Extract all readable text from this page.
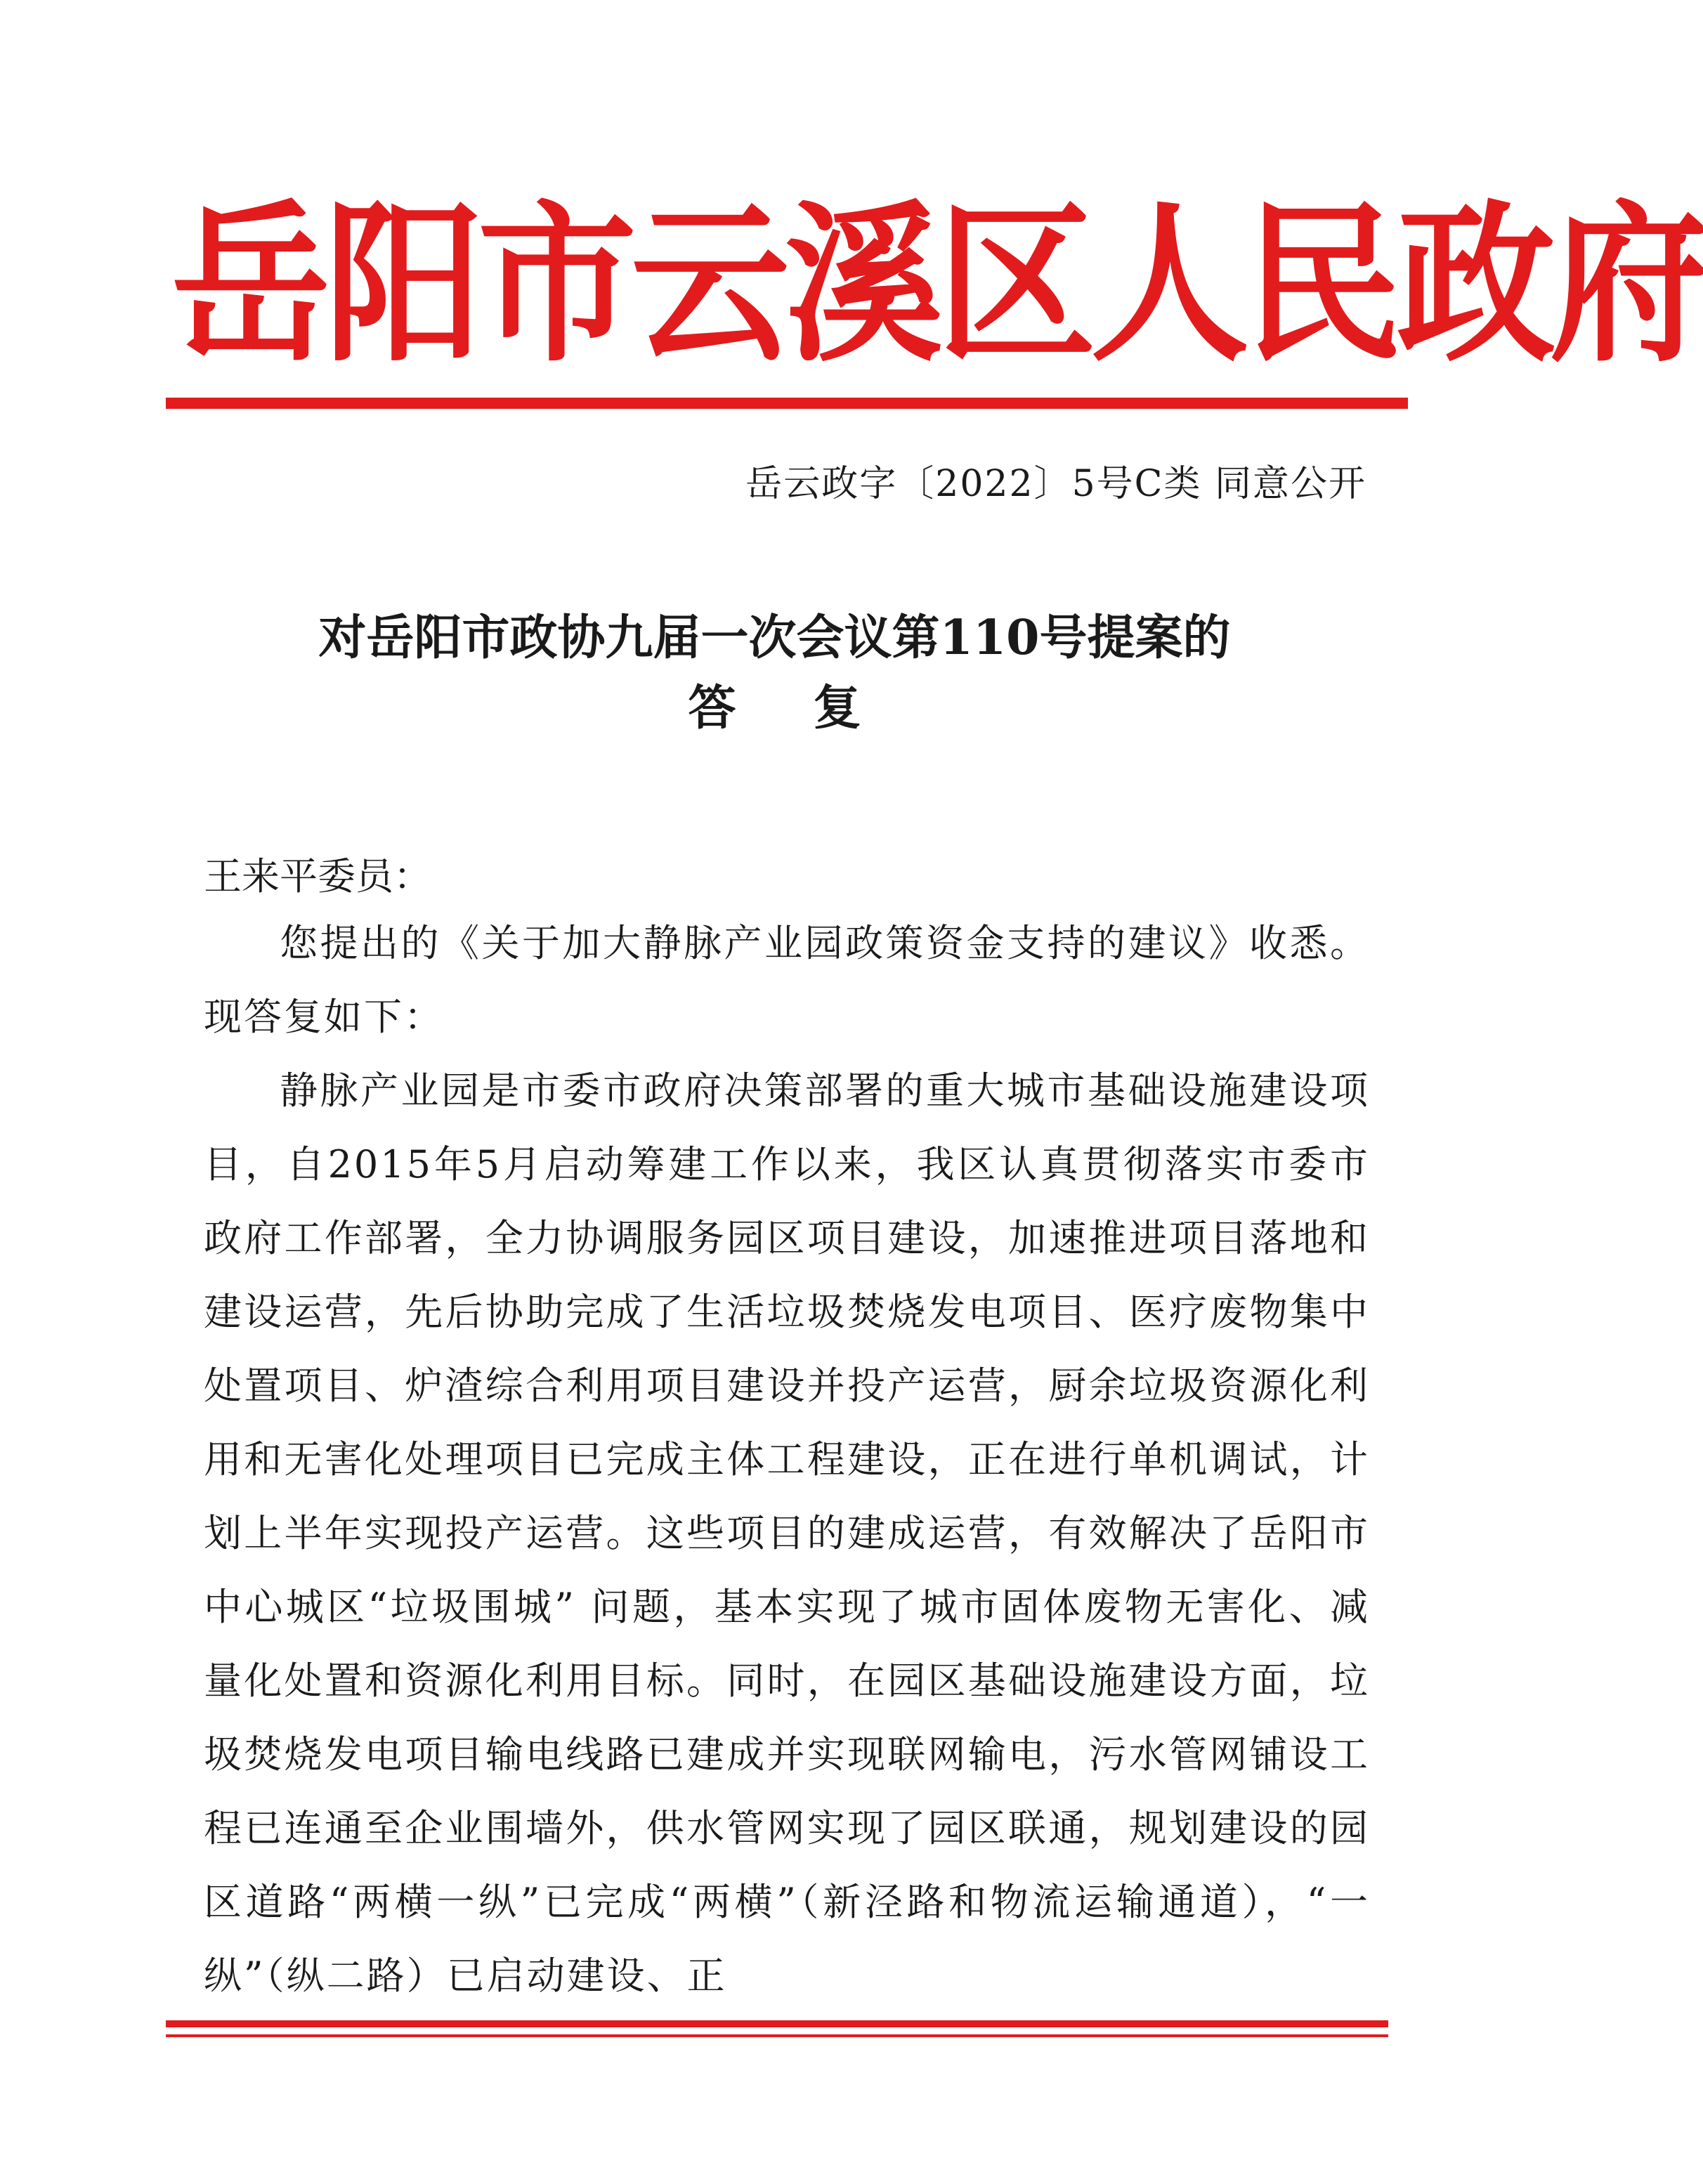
岳阳市云溪区人民政府
岳云政字〔2022〕5号C类 同意公开
对岳阳市政协九届一次会议第110号提案的
答复
王来平委员：

您提出的《关于加大静脉产业园政策资金支持的建议》收悉。现答复如下：

静脉产业园是市委市政府决策部署的重大城市基础设施建设项目，自2015年5月启动筹建工作以来，我区认真贯彻落实市委市政府工作部署，全力协调服务园区项目建设，加速推进项目落地和建设运营，先后协助完成了生活垃圾焚烧发电项目、医疗废物集中处置项目、炉渣综合利用项目建设并投产运营，厨余垃圾资源化利用和无害化处理项目已完成主体工程建设，正在进行单机调试，计划上半年实现投产运营。这些项目的建成运营，有效解决了岳阳市中心城区“垃圾围城” 问题，基本实现了城市固体废物无害化、减量化处置和资源化利用目标。同时，在园区基础设施建设方面，垃圾焚烧发电项目输电线路已建成并实现联网输电，污水管网铺设工程已连通至企业围墙外，供水管网实现了园区联通，规划建设的园区道路“两横一纵”已完成“两横”（新泾路和物流运输通道），“一纵”（纵二路）已启动建设、正
